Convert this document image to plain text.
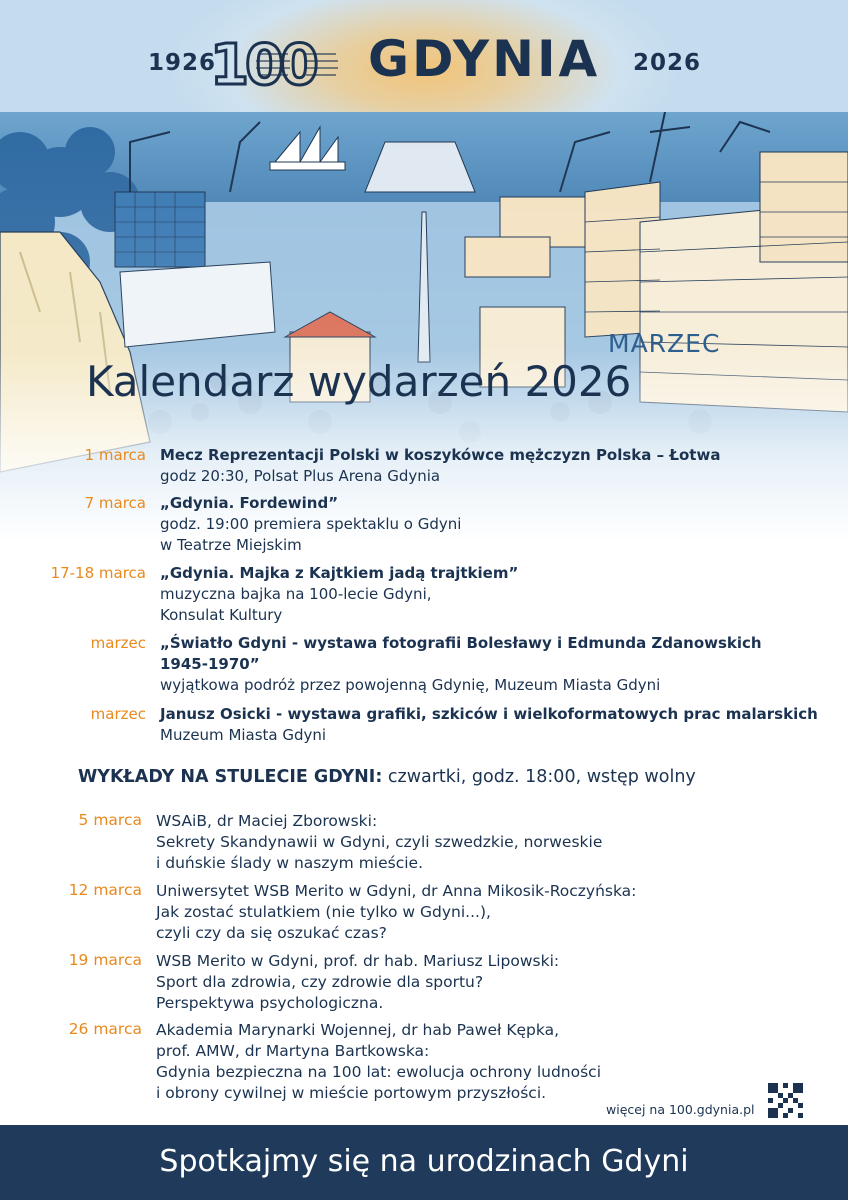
1926
100 GDYNIA 2026
MARZEC
Kalendarz wydarzeń 2026
1 marca Mecz Reprezentacji Polski w koszykówce mężczyzn Polska – Łotwa
godz 20:30, Polsat Plus Arena Gdynia
7 marca „Gdynia. Fordewind”
godz. 19:00 premiera spektaklu o Gdyni
w Teatrze Miejskim
17-18 marca „Gdynia. Majka z Kajtkiem jadą trajtkiem”
muzyczna bajka na 100-lecie Gdyni,
Konsulat Kultury
marzec „Światło Gdyni - wystawa fotografii Bolesławy i Edmunda Zdanowskich
1945-1970”
wyjątkowa podróż przez powojenną Gdynię, Muzeum Miasta Gdyni
marzec Janusz Osicki - wystawa grafiki, szkiców i wielkoformatowych prac malarskich
Muzeum Miasta Gdyni
WYKŁADY NA STULECIE GDYNI: czwartki, godz. 18:00, wstęp wolny
5 marca WSAiB, dr Maciej Zborowski:
Sekrety Skandynawii w Gdyni, czyli szwedzkie, norweskie
i duńskie ślady w naszym mieście.
12 marca Uniwersytet WSB Merito w Gdyni, dr Anna Mikosik-Roczyńska:
Jak zostać stulatkiem (nie tylko w Gdyni...),
czyli czy da się oszukać czas?
19 marca WSB Merito w Gdyni, prof. dr hab. Mariusz Lipowski:
Sport dla zdrowia, czy zdrowie dla sportu?
Perspektywa psychologiczna.
26 marca Akademia Marynarki Wojennej, dr hab Paweł Kępka,
prof. AMW, dr Martyna Bartkowska:
Gdynia bezpieczna na 100 lat: ewolucja ochrony ludności
i obrony cywilnej w mieście portowym przyszłości.
więcej na 100.gdynia.pl
Spotkajmy się na urodzinach Gdyni
